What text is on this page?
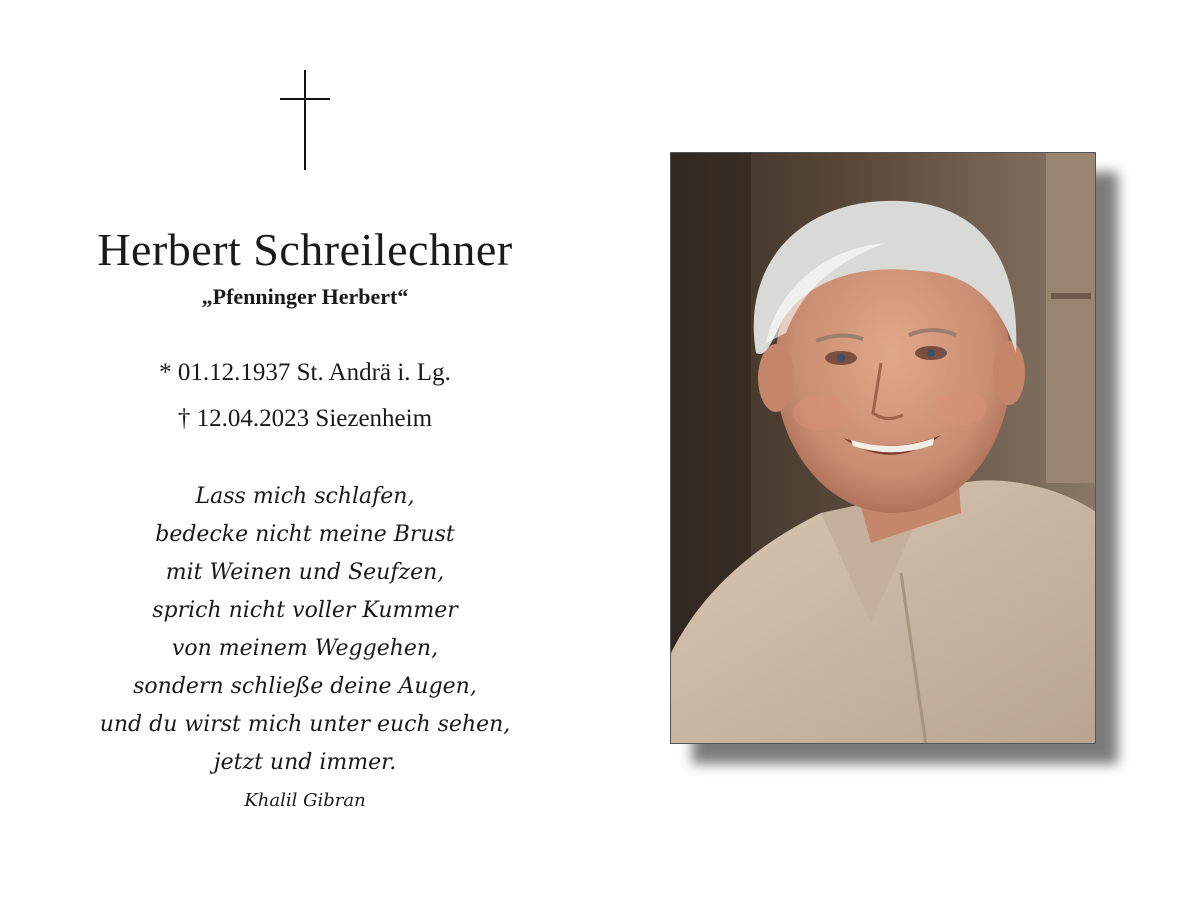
Herbert Schreilechner
„Pfenninger Herbert“
* 01.12.1937 St. Andrä i. Lg.
† 12.04.2023 Siezenheim
Lass mich schlafen,
bedecke nicht meine Brust
mit Weinen und Seufzen,
sprich nicht voller Kummer
von meinem Weggehen,
sondern schließe deine Augen,
und du wirst mich unter euch sehen,
jetzt und immer.
Khalil Gibran
